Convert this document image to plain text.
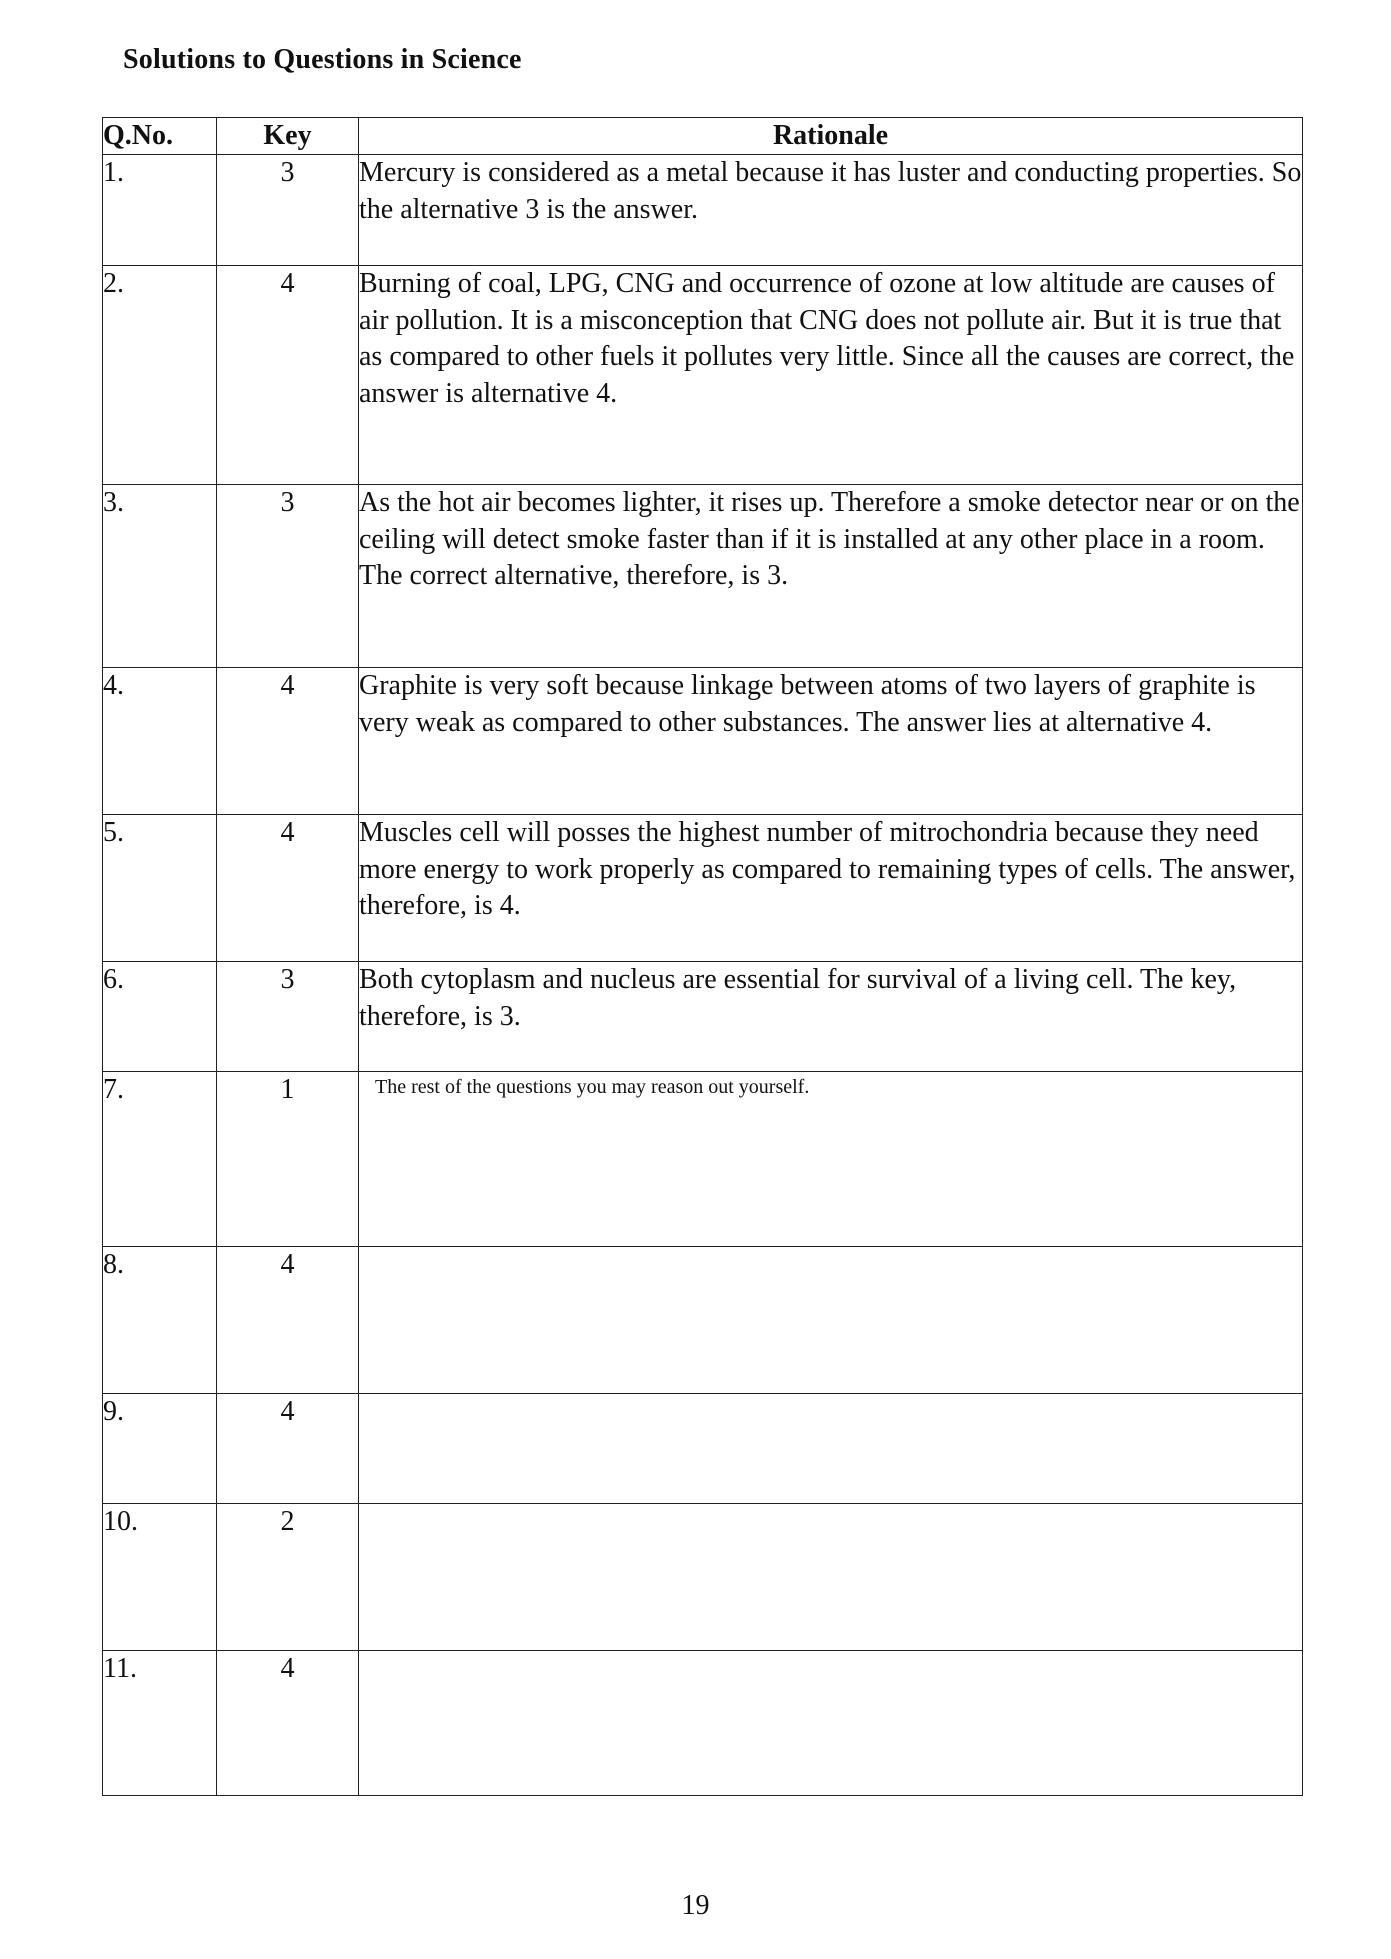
Solutions to Questions in Science
Q.No.	Key	Rationale
1.	3	Mercury is considered as a metal because it has luster and conducting properties. So the alternative 3 is the answer.
2.	4	Burning of coal, LPG, CNG and occurrence of ozone at low altitude are causes of air pollution. It is a misconception that CNG does not pollute air. But it is true that as compared to other fuels it pollutes very little. Since all the causes are correct, the answer is alternative 4.
3.	3	As the hot air becomes lighter, it rises up. Therefore a smoke detector near or on the ceiling will detect smoke faster than if it is installed at any other place in a room. The correct alternative, therefore, is 3.
4.	4	Graphite is very soft because linkage between atoms of two layers of graphite is very weak as compared to other substances. The answer lies at alternative 4.
5.	4	Muscles cell will posses the highest number of mitrochondria because they need more energy to work properly as compared to remaining types of cells. The answer, therefore, is 4.
6.	3	Both cytoplasm and nucleus are essential for survival of a living cell. The key, therefore, is 3.
7.	1	The rest of the questions you may reason out yourself.
8.	4	
9.	4	
10.	2	
11.	4	
19
